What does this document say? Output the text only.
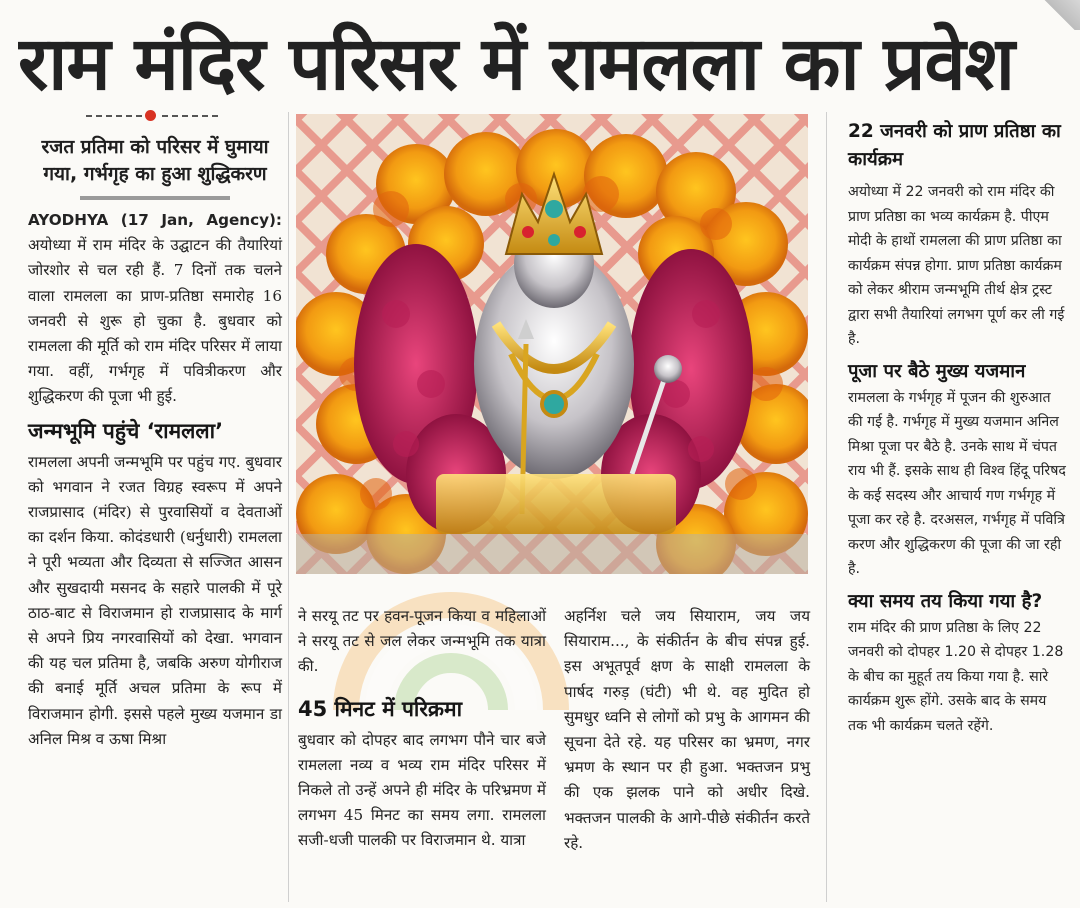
राम मंदिर परिसर में रामलला का प्रवेश
रजत प्रतिमा को परिसर में घुमाया गया, गर्भगृह का हुआ शुद्धिकरण
AYODHYA (17 Jan, Agency): अयोध्या में राम मंदिर के उद्घाटन की तैयारियां जोरशोर से चल रही हैं. 7 दिनों तक चलने वाला रामलला का प्राण-प्रतिष्ठा समारोह 16 जनवरी से शुरू हो चुका है. बुधवार को रामलला की मूर्ति को राम मंदिर परिसर में लाया गया. वहीं, गर्भगृह में पवित्रीकरण और शुद्धिकरण की पूजा भी हुई.
जन्मभूमि पहुंचे ‘रामलला’
रामलला अपनी जन्मभूमि पर पहुंच गए. बुधवार को भगवान ने रजत विग्रह स्वरूप में अपने राजप्रासाद (मंदिर) से पुरवासियों व देवताओं का दर्शन किया. कोदंडधारी (धर्नुधारी) रामलला ने पूरी भव्यता और दिव्यता से सज्जित आसन और सुखदायी मसनद के सहारे पालकी में पूरे ठाठ-बाट से विराजमान हो राजप्रासाद के मार्ग से अपने प्रिय नगरवासियों को देखा. भगवान की यह चल प्रतिमा है, जबकि अरुण योगीराज की बनाई मूर्ति अचल प्रतिमा के रूप में विराजमान होगी. इससे पहले मुख्य यजमान डा अनिल मिश्र व ऊषा मिश्रा
ने सरयू तट पर हवन-पूजन किया व महिलाओं ने सरयू तट से जल लेकर जन्मभूमि तक यात्रा की.
45 मिनट में परिक्रमा
बुधवार को दोपहर बाद लगभग पौने चार बजे रामलला नव्य व भव्य राम मंदिर परिसर में निकले तो उन्हें अपने ही मंदिर के परिभ्रमण में लगभग 45 मिनट का समय लगा. रामलला सजी-धजी पालकी पर विराजमान थे. यात्रा
अहर्निश चले जय सियाराम, जय जय सियाराम..., के संकीर्तन के बीच संपन्न हुई. इस अभूतपूर्व क्षण के साक्षी रामलला के पार्षद गरुड़ (घंटी) भी थे. वह मुदित हो सुमधुर ध्वनि से लोगों को प्रभु के आगमन की सूचना देते रहे. यह परिसर का भ्रमण, नगर भ्रमण के स्थान पर ही हुआ. भक्तजन प्रभु की एक झलक पाने को अधीर दिखे. भक्तजन पालकी के आगे-पीछे संकीर्तन करते रहे.
22 जनवरी को प्राण प्रतिष्ठा का कार्यक्रम
अयोध्या में 22 जनवरी को राम मंदिर की प्राण प्रतिष्ठा का भव्य कार्यक्रम है. पीएम मोदी के हाथों रामलला की प्राण प्रतिष्ठा का कार्यक्रम संपन्न होगा. प्राण प्रतिष्ठा कार्यक्रम को लेकर श्रीराम जन्मभूमि तीर्थ क्षेत्र ट्रस्ट द्वारा सभी तैयारियां लगभग पूर्ण कर ली गई है.
पूजा पर बैठे मुख्य यजमान
रामलला के गर्भगृह में पूजन की शुरुआत की गई है. गर्भगृह में मुख्य यजमान अनिल मिश्रा पूजा पर बैठे है. उनके साथ में चंपत राय भी हैं. इसके साथ ही विश्व हिंदू परिषद के कई सदस्य और आचार्य गण गर्भगृह में पूजा कर रहे है. दरअसल, गर्भगृह में पवित्रि करण और शुद्धिकरण की पूजा की जा रही है.
क्या समय तय किया गया है?
राम मंदिर की प्राण प्रतिष्ठा के लिए 22 जनवरी को दोपहर 1.20 से दोपहर 1.28 के बीच का मुहूर्त तय किया गया है. सारे कार्यक्रम शुरू होंगे. उसके बाद के समय तक भी कार्यक्रम चलते रहेंगे.
